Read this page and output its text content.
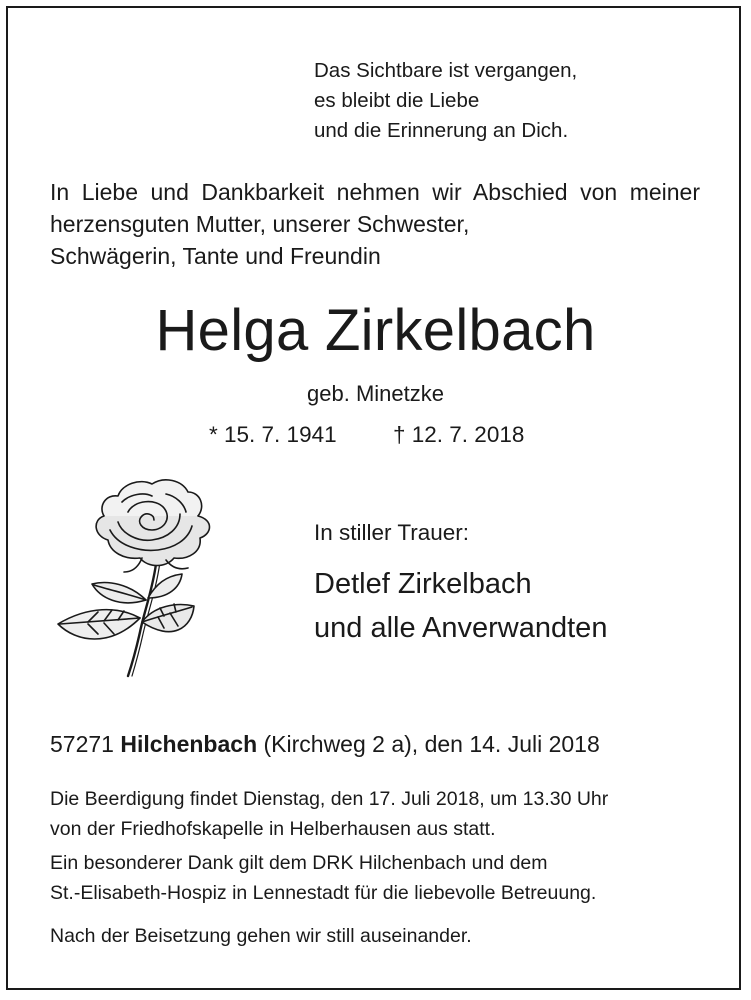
Das Sichtbare ist vergangen,
es bleibt die Liebe
und die Erinnerung an Dich.
In Liebe und Dankbarkeit nehmen wir Abschied von meiner herzensguten Mutter, unserer Schwester,
Schwägerin, Tante und Freundin
Helga Zirkelbach
geb. Minetzke
* 15. 7. 1941	† 12. 7. 2018
In stiller Trauer:
Detlef Zirkelbach
und alle Anverwandten
57271 Hilchenbach (Kirchweg 2 a), den 14. Juli 2018
Die Beerdigung findet Dienstag, den 17. Juli 2018, um 13.30 Uhr
von der Friedhofskapelle in Helberhausen aus statt.
Ein besonderer Dank gilt dem DRK Hilchenbach und dem
St.-Elisabeth-Hospiz in Lennestadt für die liebevolle Betreuung.
Nach der Beisetzung gehen wir still auseinander.
